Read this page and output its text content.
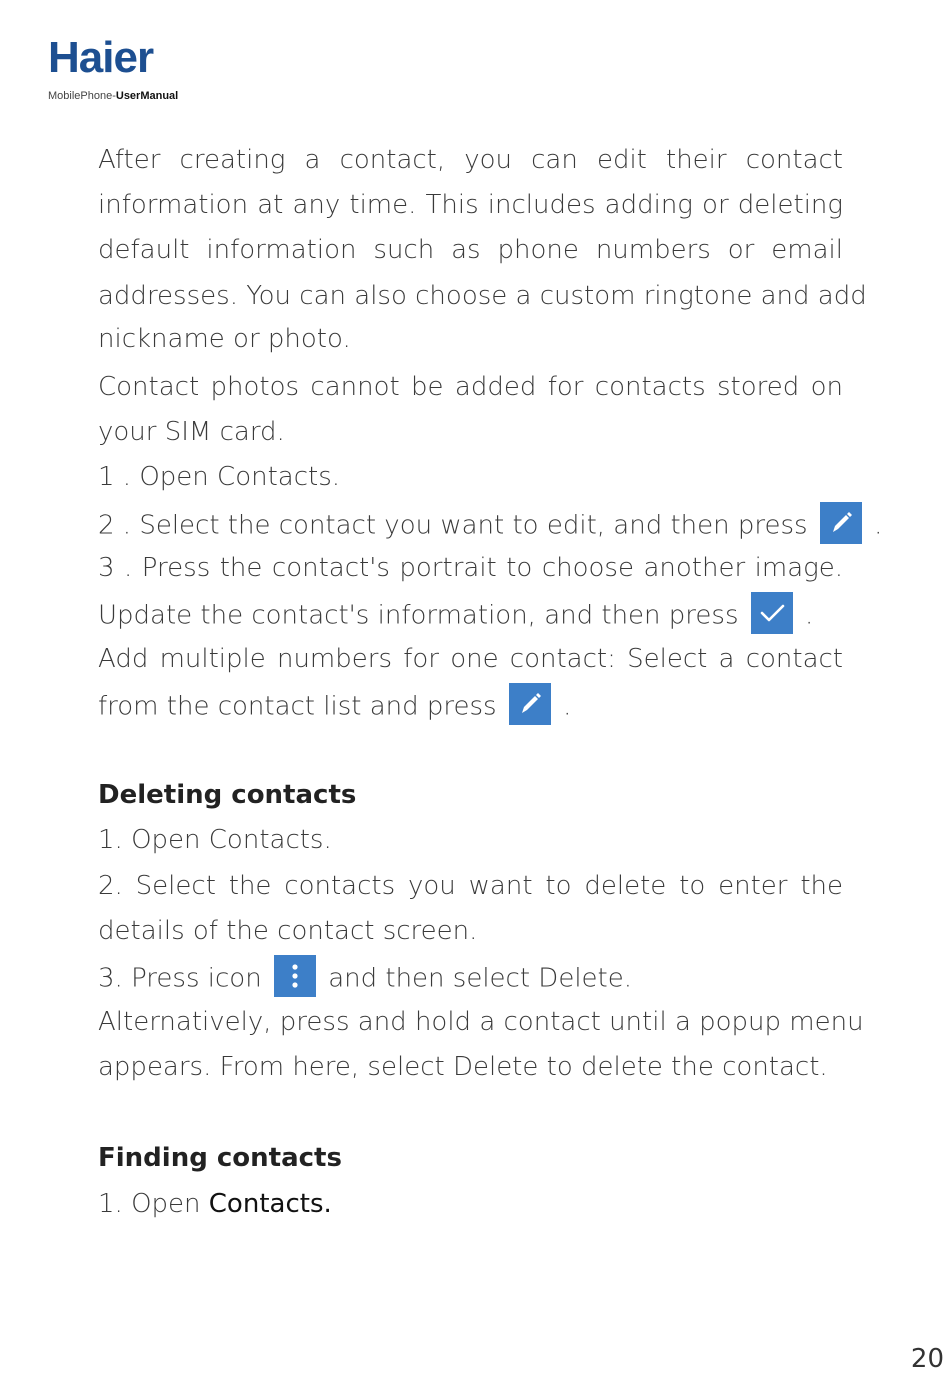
Haier
MobilePhone-UserManual
After creating a contact, you can edit their contact
information at any time. This includes adding or deleting
default information such as phone numbers or email
addresses. You can also choose a custom ringtone and add
nickname or photo.
Contact photos cannot be added for contacts stored on
your SIM card.
1 . Open Contacts.
2 . Select the contact you want to edit, and then press	.
3 . Press the contact's portrait to choose another image.
Update the contact's information, and then press	.
Add multiple numbers for one contact: Select a contact
from the contact list and press	.
Deleting contacts
1. Open Contacts.
2. Select the contacts you want to delete to enter the
details of the contact screen.
3. Press icon	and then select Delete.
Alternatively, press and hold a contact until a popup menu
appears. From here, select Delete to delete the contact.
Finding contacts
1. Open Contacts.
20
